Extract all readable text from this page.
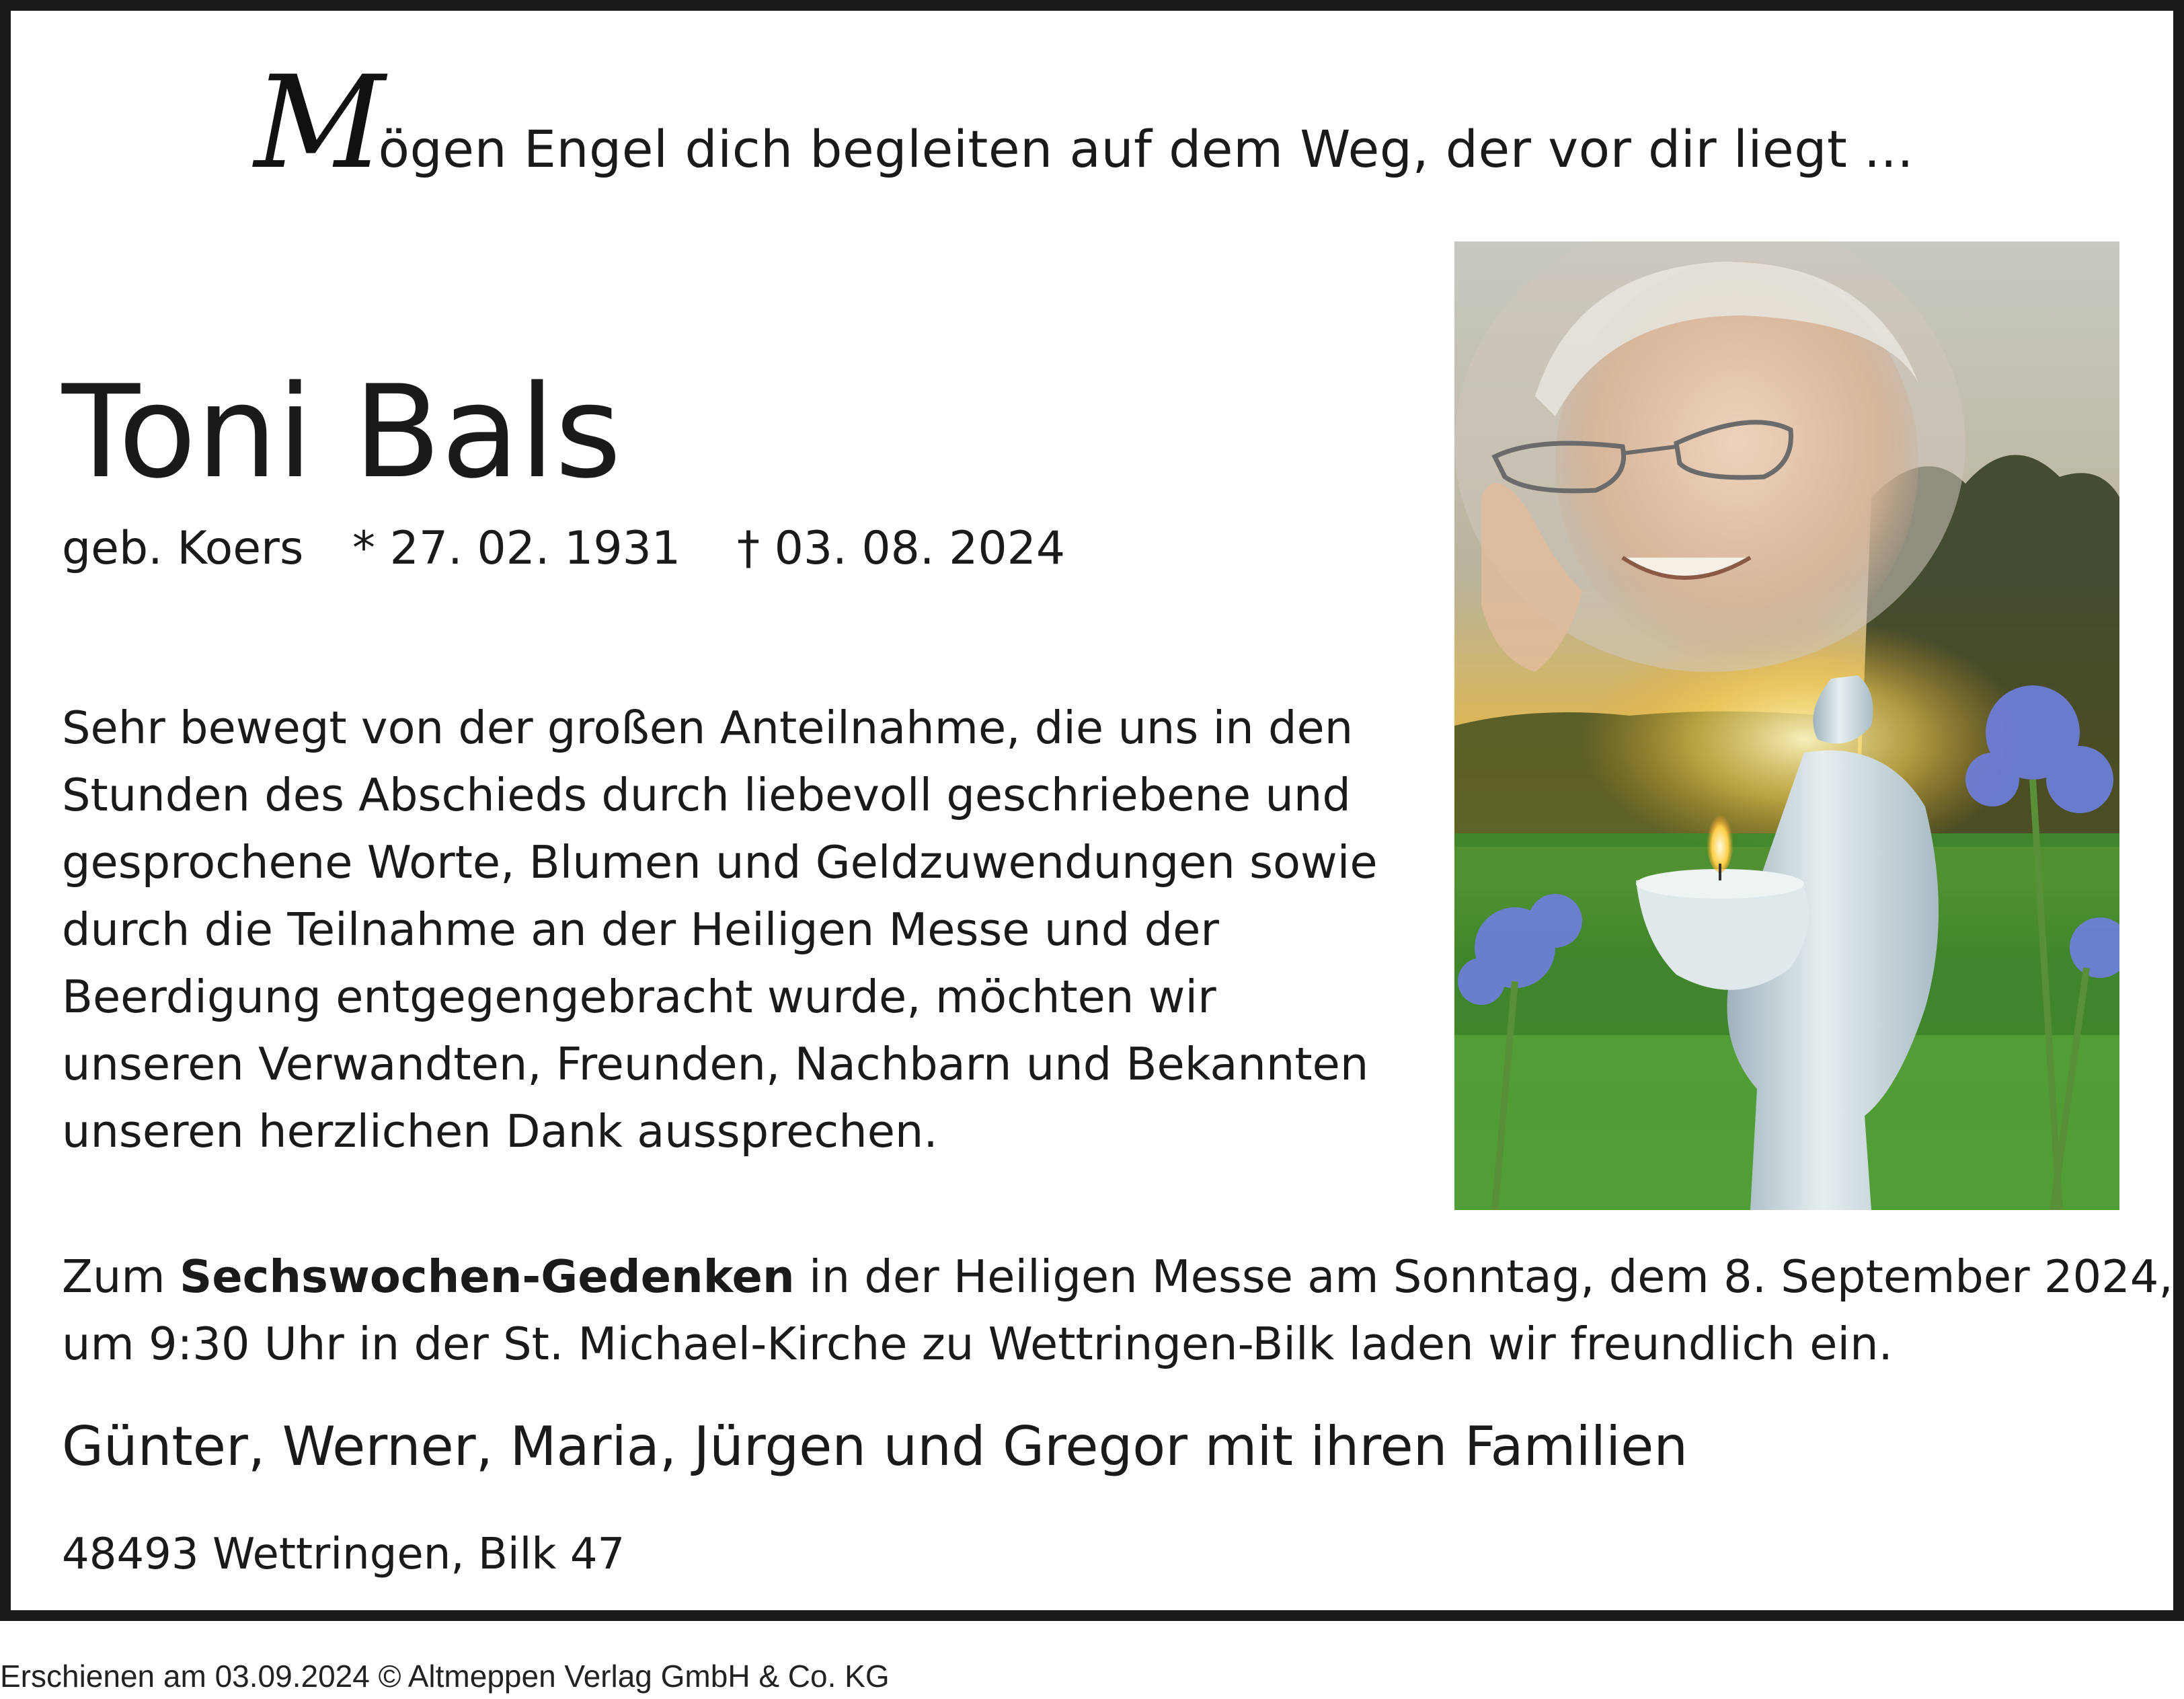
Mögen Engel dich begleiten auf dem Weg, der vor dir liegt ...
Toni Bals
geb. Koers * 27. 02. 1931 † 03. 08. 2024

Sehr bewegt von der großen Anteilnahme, die uns in den
Stunden des Abschieds durch liebevoll geschriebene und
gesprochene Worte, Blumen und Geldzuwendungen sowie
durch die Teilnahme an der Heiligen Messe und der
Beerdigung entgegengebracht wurde, möchten wir
unseren Verwandten, Freunden, Nachbarn und Bekannten
unseren herzlichen Dank aussprechen.

Zum Sechswochen-Gedenken in der Heiligen Messe am Sonntag, dem 8. September 2024,
um 9:30 Uhr in der St. Michael-Kirche zu Wettringen-Bilk laden wir freundlich ein.

Günter, Werner, Maria, Jürgen und Gregor mit ihren Familien
48493 Wettringen, Bilk 47
Erschienen am 03.09.2024 © Altmeppen Verlag GmbH & Co. KG
